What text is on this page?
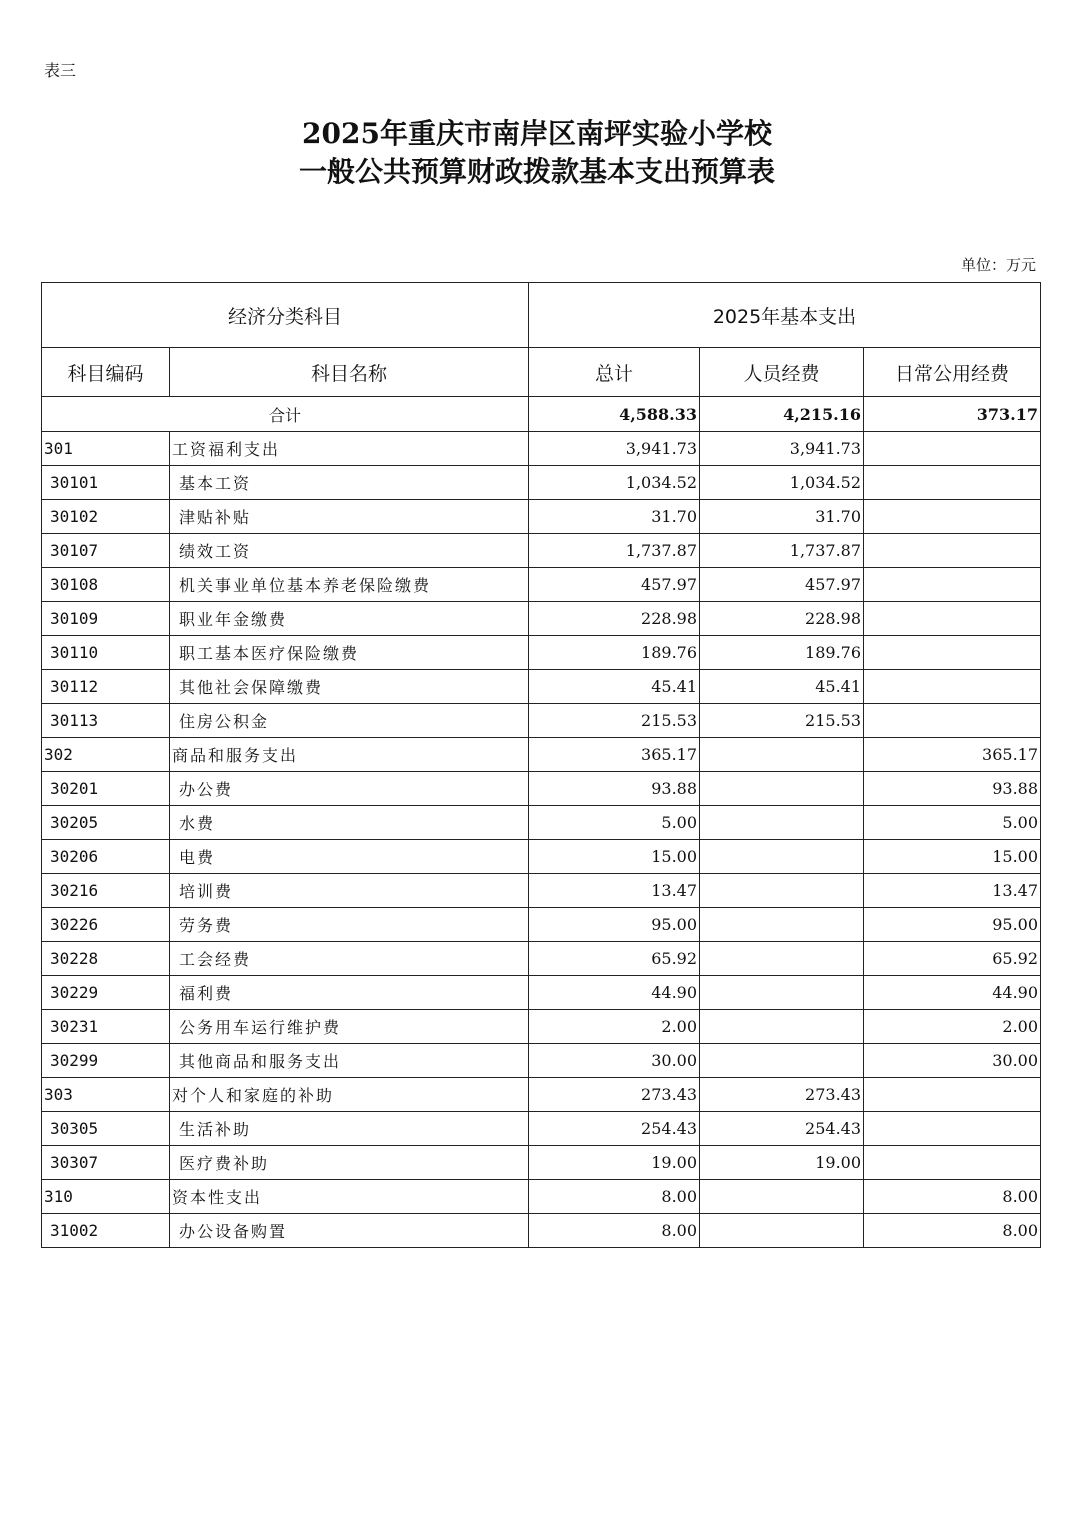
表三
2025年重庆市南岸区南坪实验小学校
一般公共预算财政拨款基本支出预算表
单位：万元
经济分类科目		2025年基本支出		
科目编码	科目名称	总计	人员经费	日常公用经费
合计		4,588.33	4,215.16	373.17
301	工资福利支出	3,941.73	3,941.73	
30101	基本工资	1,034.52	1,034.52	
30102	津贴补贴	31.70	31.70	
30107	绩效工资	1,737.87	1,737.87	
30108	机关事业单位基本养老保险缴费	457.97	457.97	
30109	职业年金缴费	228.98	228.98	
30110	职工基本医疗保险缴费	189.76	189.76	
30112	其他社会保障缴费	45.41	45.41	
30113	住房公积金	215.53	215.53	
302	商品和服务支出	365.17		365.17
30201	办公费	93.88		93.88
30205	水费	5.00		5.00
30206	电费	15.00		15.00
30216	培训费	13.47		13.47
30226	劳务费	95.00		95.00
30228	工会经费	65.92		65.92
30229	福利费	44.90		44.90
30231	公务用车运行维护费	2.00		2.00
30299	其他商品和服务支出	30.00		30.00
303	对个人和家庭的补助	273.43	273.43	
30305	生活补助	254.43	254.43	
30307	医疗费补助	19.00	19.00	
310	资本性支出	8.00		8.00
31002	办公设备购置	8.00		8.00
